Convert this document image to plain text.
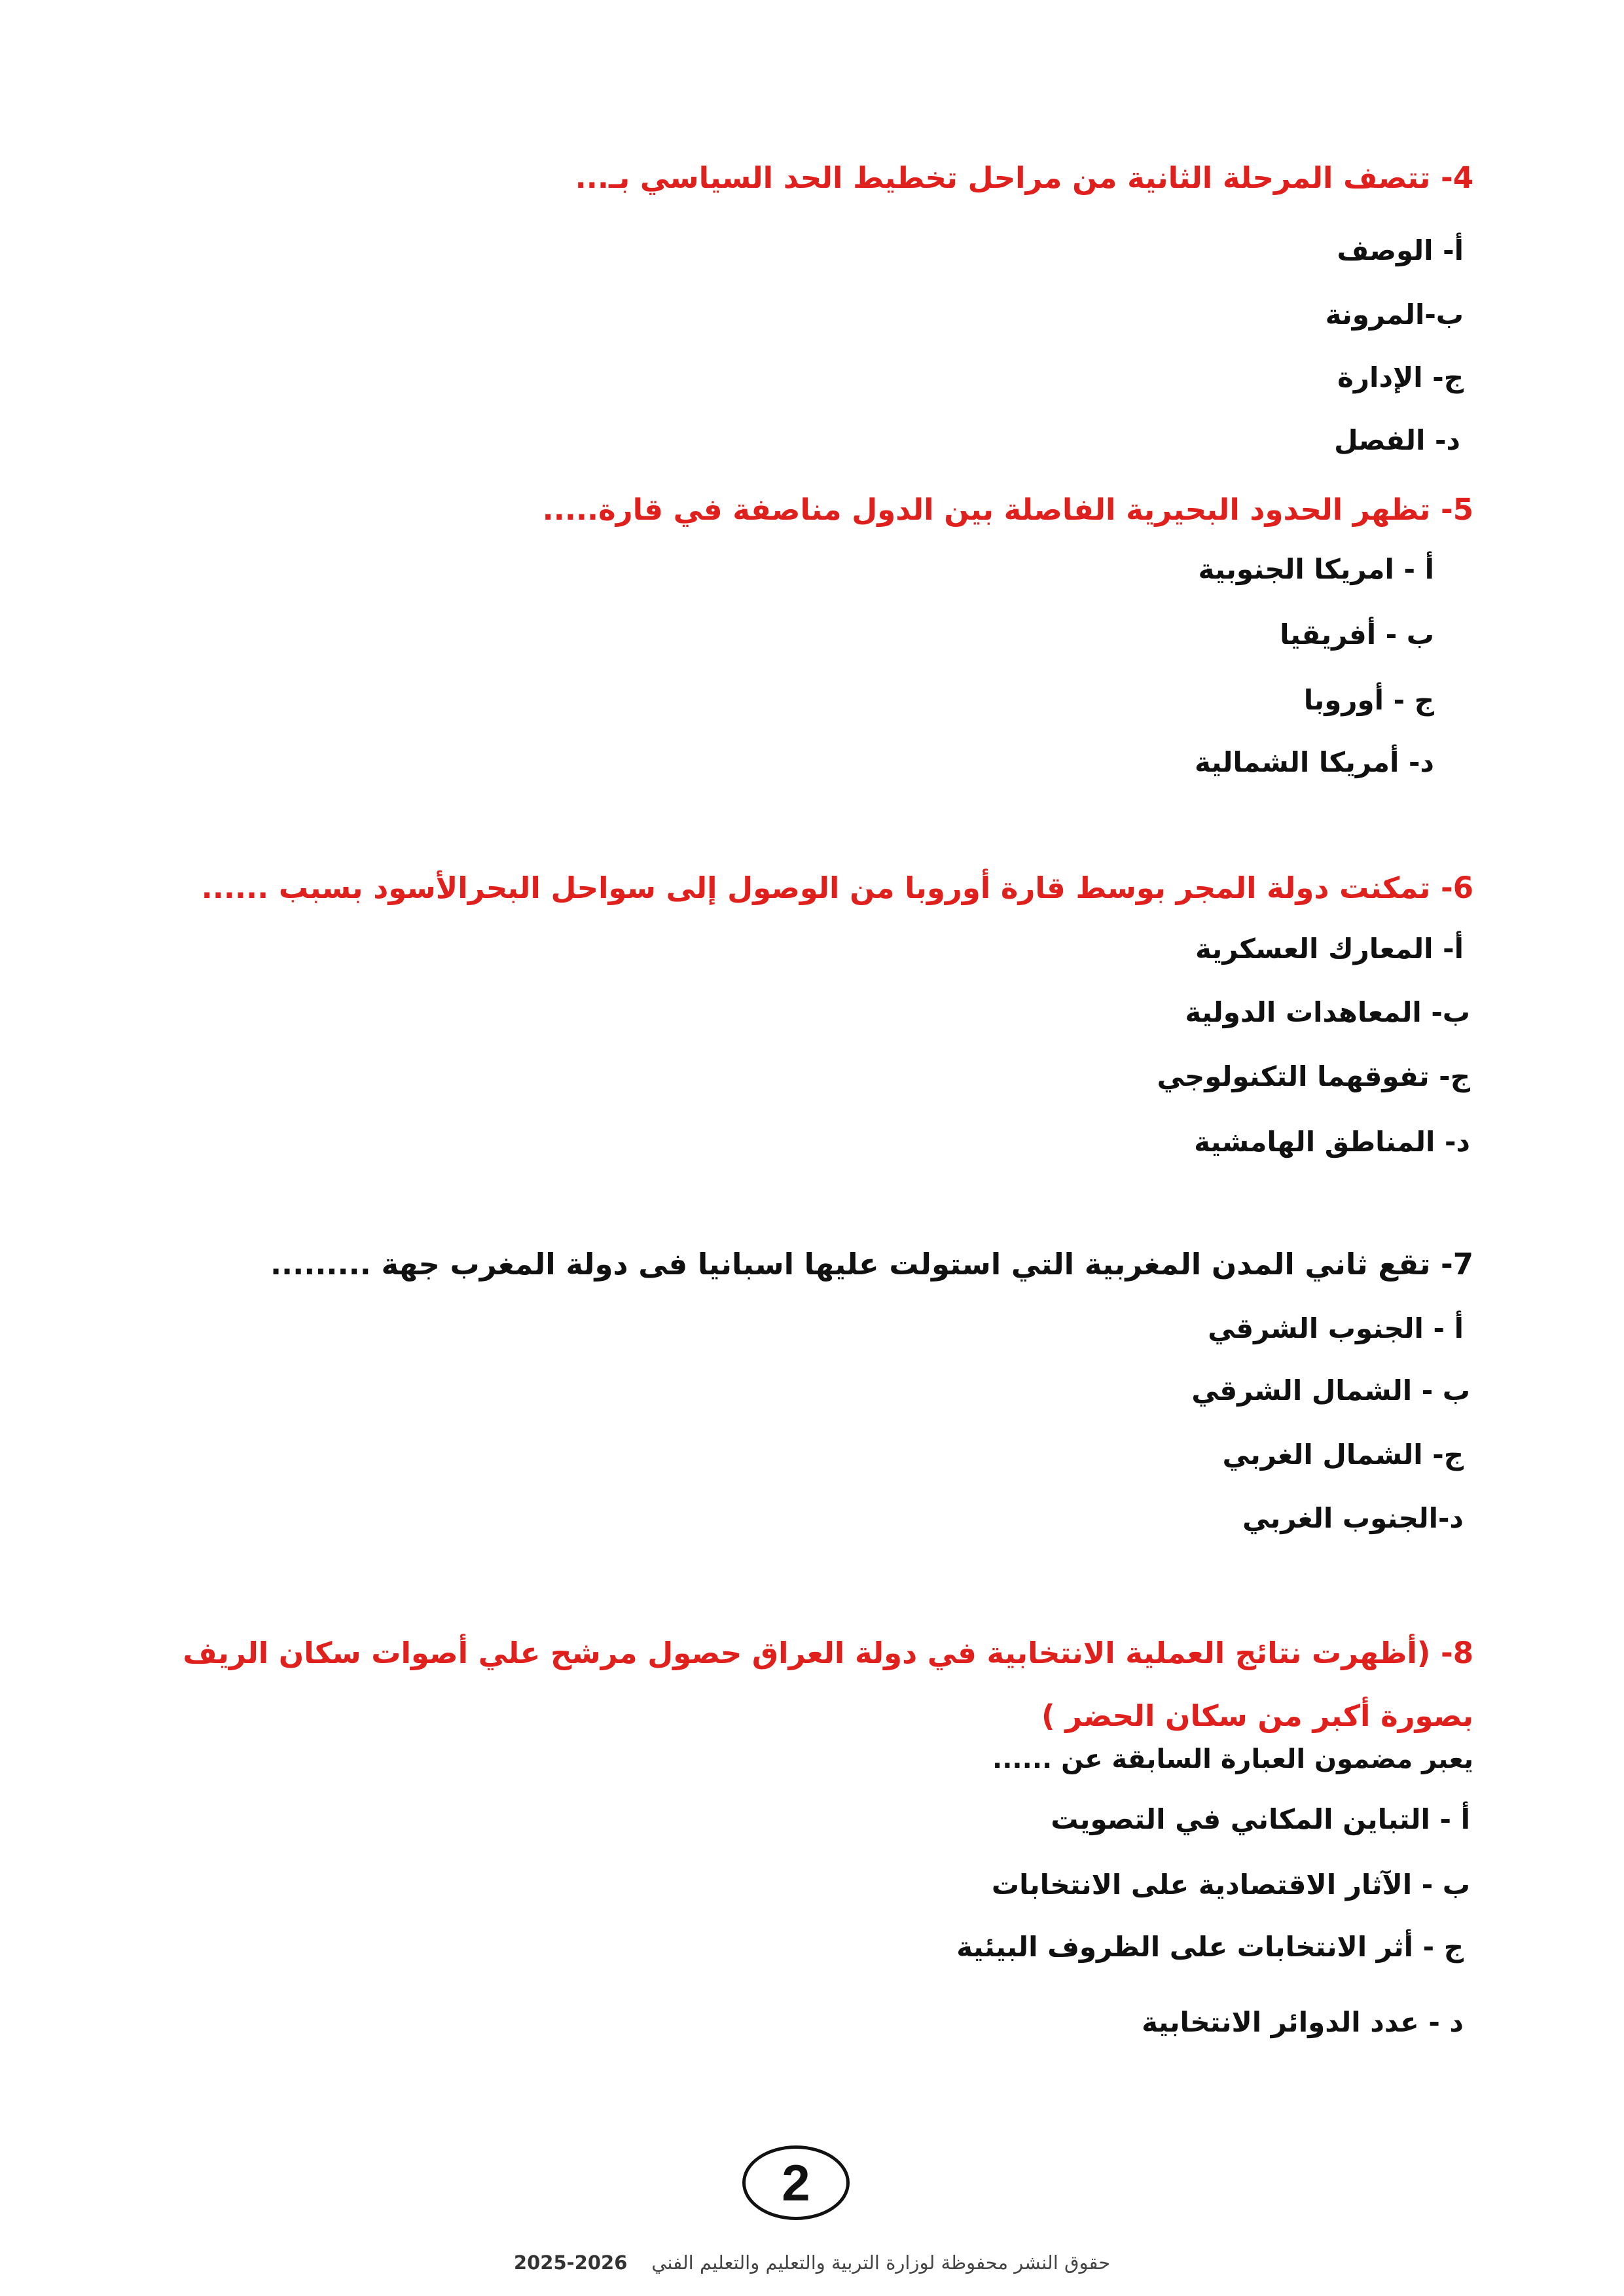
4- تتصف المرحلة الثانية من مراحل تخطيط الحد السياسي بـ...
أ- الوصف
ب-المرونة
ج- الإدارة
د- الفصل
5- تظهر الحدود البحيرية الفاصلة بين الدول مناصفة في قارة.....
أ - امريكا الجنوبية
ب - أفريقيا
ج - أوروبا
د- أمريكا الشمالية
6- تمكنت دولة المجر بوسط قارة أوروبا من الوصول إلى سواحل البحرالأسود بسبب ......
أ- المعارك العسكرية
ب- المعاهدات الدولية
ج- تفوقهما التكنولوجي
د- المناطق الهامشية
7- تقع ثاني المدن المغربية التي استولت عليها اسبانيا فى دولة المغرب جهة .........
أ - الجنوب الشرقي
ب - الشمال الشرقي
ج- الشمال الغربي
د-الجنوب الغربي
8- (أظهرت نتائج العملية الانتخابية في دولة العراق حصول مرشح علي أصوات سكان الريف بصورة أكبر من سكان الحضر )
يعبر مضمون العبارة السابقة عن ......
أ - التباين المكاني في التصويت
ب - الآثار الاقتصادية على الانتخابات
ج - أثر الانتخابات على الظروف البيئية
د - عدد الدوائر الانتخابية
2
حقوق النشر محفوظة لوزارة التربية والتعليم والتعليم الفني    2025-2026
